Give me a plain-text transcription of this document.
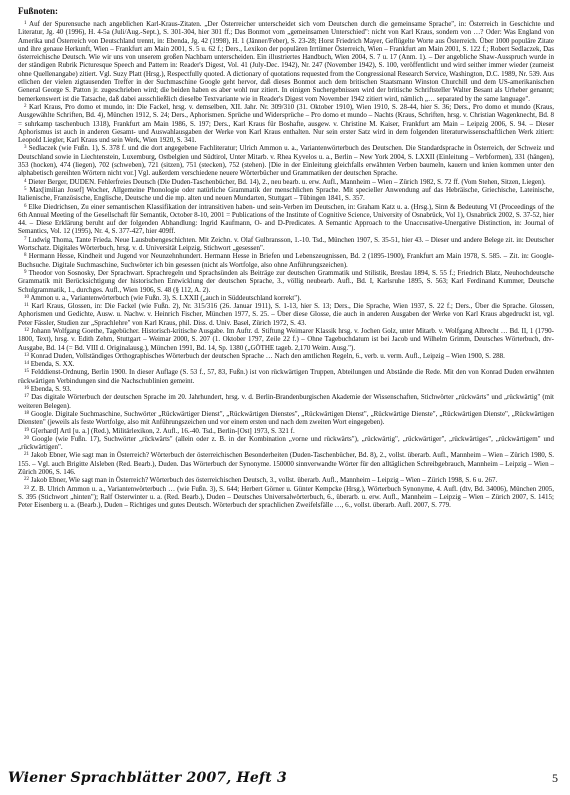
Fußnoten:

$^1$ Auf der Spurensuche nach angeblichen Karl-Kraus-Zitaten. „Der Österreicher unterscheidet sich vom Deutschen durch die gemeinsame Sprache", in: Österreich in Geschichte und Literatur, Jg. 40 (1996), H. 4-5a (Juli/Aug.-Sept.), S. 301-304, hier 301 ff.; Das Bonmot vom „gemeinsamen Unterschied": nicht von Karl Kraus, sondern von …? Oder: Was England von Amerika und Österreich von Deutschland trennt, in: Ebenda, Jg. 42 (1998), H. 1 (Jänner/Feber), S. 23-28; Horst Friedrich Mayer, Geflügelte Worte aus Österreich. Über 1000 populäre Zitate und ihre genaue Herkunft, Wien – Frankfurt am Main 2001, S. 5 u. 62 f.; Ders., Lexikon der populären Irrtümer Österreich, Wien – Frankfurt am Main 2001, S. 122 f.; Robert Sedlaczek, Das österreichische Deutsch. Wie wir uns von unserem großen Nachbarn unterscheiden. Ein illustriertes Handbuch, Wien 2004, S. 7 u. 17 (Anm. 1). – Der angebliche Shaw-Ausspruch wurde in der ständigen Rubrik Picturesque Speech and Pattern in: Reader's Digest, Vol. 41 (July-Dec. 1942), Nr. 247 (November 1942), S. 100, veröffentlicht und wird seither immer wieder (zumeist ohne Quellenangabe) zitiert. Vgl. Suzy Platt (Hrsg.), Respectfully quoted. A dictionary of quotations requested from the Congressional Research Service, Washington, D.C. 1989, Nr. 539. Aus etlichen der vielen zigtausenden Treffer in der Suchmaschine Google geht hervor, daß dieses Bonmot auch dem britischen Staatsmann Winston Churchill und dem US-amerikanischen General George S. Patton jr. zugeschrieben wird; die beiden haben es aber wohl nur zitiert. In einigen Suchergebnissen wird der britische Schriftsteller Walter Besant als Urheber genannt; bemerkenswert ist die Tatsache, daß dabei ausschließlich dieselbe Textvariante wie in Reader's Digest vom November 1942 zitiert wird, nämlich „… separated by the same language".

$^2$ Karl Kraus, Pro domo et mundo, in: Die Fackel, hrsg. v. demselben, XII. Jahr. Nr. 309/310 (31. Oktober 1910), Wien 1910, S. 28-44, hier S. 36; Ders., Pro domo et mundo (Kraus, Ausgewählte Schriften, Bd. 4), München 1912, S. 24; Ders., Aphorismen. Sprüche und Widersprüche – Pro domo et mundo – Nachts (Kraus, Schriften, hrsg. v. Christian Wagenknecht, Bd. 8 = suhrkamp taschenbuch 1318), Frankfurt am Main 1986, S. 197; Ders., Karl Kraus für Boshafte, ausgew. v. Christine M. Kaiser, Frankfurt am Main – Leipzig 2006, S. 94. – Dieser Aphorismus ist auch in anderen Gesamt- und Auswahlausgaben der Werke von Karl Kraus enthalten. Nur sein erster Satz wird in dem folgenden literaturwissenschaftlichen Werk zitiert: Leopold Liegler, Karl Kraus und sein Werk, Wien 1920, S. 341.

$^3$ Sedlaczek (wie Fußn. 1), S. 378 f. und die dort angegebene Fachliteratur; Ulrich Ammon u. a., Variantenwörterbuch des Deutschen. Die Standardsprache in Österreich, der Schweiz und Deutschland sowie in Liechtenstein, Luxemburg, Ostbelgien und Südtirol, Unter Mitarb. v. Rhea Kyvelos u. a., Berlin – New York 2004, S. LXXII (Einleitung – Verbformen), 331 (hängen), 353 (hocken), 474 (liegen), 702 (schweben), 721 (sitzen), 751 (stecken), 752 (stehen). [Die in der Einleitung gleichfalls erwähnten Verben baumeln, kauern und knien kommen unter den alphabetisch gereihten Wörtern nicht vor.] Vgl. außerdem verschiedene neuere Wörterbücher und Grammatiken der deutschen Sprache.

$^4$ Dieter Berger, DUDEN. Fehlerfreies Deutsch (Die Duden-Taschenbücher, Bd. 14), 2., neu bearb. u. erw. Aufl., Mannheim – Wien – Zürich 1982, S. 72 ff. (Vom Stehen, Sitzen, Liegen).

$^5$ Max[imilian Josef] Wocher, Allgemeine Phonologie oder natürliche Grammatik der menschlichen Sprache. Mit specieller Anwendung auf das Hebräische, Griechische, Lateinische, Italienische, Französische, Englische, Deutsche und die mp. alten und neuen Mundarten, Stuttgart – Tübingen 1841, S. 357.

$^6$ Elke Diedrichsen, Zu einer semantischen Klassifikation der intransitiven haben- und sein-Verben im Deutschen, in: Graham Katz u. a. (Hrsg.), Sinn & Bedeutung VI (Proceedings of the 6th Annual Meeting of the Gesellschaft für Semantik, October 8-10, 2001 = Publications of the Institute of Cognitive Science, University of Osnabrück, Vol 1), Osnabrück 2002, S. 37-52, hier 44. – Diese Erklärung beruht auf der folgenden Abhandlung: Ingrid Kaufmann, O- and D-Predicates. A Semantic Approach to the Unaccusative-Unergative Distinction, in: Journal of Semantics, Vol. 12 (1995), Nr. 4, S. 377-427, hier 409ff.

$^7$ Ludwig Thoma, Tante Frieda. Neue Lausbubengeschichten. Mit Zeichn. v. Olaf Gulbransson, 1.-10. Tsd., München 1907, S. 35-51, hier 43. – Dieser und andere Belege zit. in: Deutscher Wortschatz. Digitales Wörterbuch, hrsg. v. d. Universität Leipzig, Stichwort „gesessen".

$^8$ Hermann Hesse, Kindheit und Jugend vor Neunzehnhundert. Hermann Hesse in Briefen und Lebenszeugnissen, Bd. 2 (1895-1900), Frankfurt am Main 1978, S. 585. – Zit. in: Google-Buchsuche. Digitale Suchmaschine, Suchwörter ich bin gesessen (nicht als Wortfolge, also ohne Anführungszeichen).

$^9$ Theodor von Sosnosky, Der Sprachwart. Sprachregeln und Sprachsünden als Beiträge zur deutschen Grammatik und Stilistik, Breslau 1894, S. 55 f.; Friedrich Blatz, Neuhochdeutsche Grammatik mit Berücksichtigung der historischen Entwicklung der deutschen Sprache, 3., völlig neubearb. Aufl., Bd. I, Karlsruhe 1895, S. 563; Karl Ferdinand Kummer, Deutsche Schulgrammatik, 1., durchges. Aufl., Wien 1906, S. 48 (§ 112, A. 2).

$^{10}$ Ammon u. a., Variantenwörterbuch (wie Fußn. 3), S. LXXII („auch in Süddeutschland korrekt").

$^{11}$ Karl Kraus, Glossen, in: Die Fackel (wie Fußn. 2), Nr. 315/316 (26. Januar 1911), S. 1-13, hier S. 13; Ders., Die Sprache, Wien 1937, S. 22 f.; Ders., Über die Sprache. Glossen, Aphorismen und Gedichte, Ausw. u. Nachw. v. Heinrich Fischer, München 1977, S. 25. – Über diese Glosse, die auch in anderen Ausgaben der Werke von Karl Kraus abgedruckt ist, vgl. Peter Fässler, Studien zur „Sprachlehre" von Karl Kraus, phil. Diss. d. Univ. Basel, Zürich 1972, S. 43.

$^{12}$ Johann Wolfgang Goethe, Tagebücher. Historisch-kritische Ausgabe. Im Auftr. d. Stiftung Weimarer Klassik hrsg. v. Jochen Golz, unter Mitarb. v. Wolfgang Albrecht … Bd. II, 1 (1790-1800, Text), hrsg. v. Edith Zehm, Stuttgart – Weimar 2000, S. 207 (1. Oktober 1797, Zeile 22 f.) – Ohne Tagebuchdatum ist bei Jacob und Wilhelm Grimm, Deutsches Wörterbuch, dtv-Ausgabe, Bd. 14 (= Bd. VIII d. Originalausg.), München 1991, Bd. 14, Sp. 1380 („GÖTHE tageb. 2,170 Weim. Ausg.").

$^{13}$ Konrad Duden, Vollständiges Orthographisches Wörterbuch der deutschen Sprache … Nach den amtlichen Regeln, 6., verb. u. verm. Aufl., Leipzig – Wien 1900, S. 288.

$^{14}$ Ebenda, S. XX.

$^{15}$ Felddienst-Ordnung, Berlin 1900. In dieser Auflage (S. 53 f., 57, 83, Fußn.) ist von rückwärtigen Truppen, Abteilungen und Abstände die Rede. Mit den von Konrad Duden erwähnten rückwärtigen Verbindungen sind die Nachschublinien gemeint.

$^{16}$ Ebenda, S. 93.

$^{17}$ Das digitale Wörterbuch der deutschen Sprache im 20. Jahrhundert, hrsg. v. d. Berlin-Brandenburgischen Akademie der Wissenschaften, Stichwörter „rückwärts" und „rückwärtig" (mit weiteren Belegen).

$^{18}$ Google. Digitale Suchmaschine, Suchwörter „Rückwärtiger Dienst", „Rückwärtigen Dienstes", „Rückwärtigen Dienst", „Rückwärtige Dienste", „Rückwärtigen Dienste", „Rückwärtigen Diensten" (jeweils als feste Wortfolge, also mit Anführungszeichen und vor einem ersten und nach dem zweiten Wort eingegeben).

$^{19}$ G[erhard] Artl [u. a.] (Red.), Militärlexikon, 2. Aufl., 16.-40. Tsd., Berlin-[Ost] 1973, S. 321 f.

$^{20}$ Google (wie Fußn. 17), Suchwörter „rückwärts" (allein oder z. B. in der Kombination „vorne und rückwärts"), „rückwärtig", „rückwärtiger", „rückwärtiges", „rückwärtigem" und „rückwärtigen".

$^{21}$ Jakob Ebner, Wie sagt man in Österreich? Wörterbuch der österreichischen Besonderheiten (Duden-Taschenbücher, Bd. 8), 2., vollst. überarb. Aufl., Mannheim – Wien – Zürich 1980, S. 155. – Vgl. auch Brigitte Alsleben (Red. Bearb.), Duden. Das Wörterbuch der Synonyme. 150000 sinnverwandte Wörter für den alltäglichen Schreibgebrauch, Mannheim – Leipzig – Wien – Zürich 2006, S. 146.

$^{22}$ Jakob Ebner, Wie sagt man in Österreich? Wörterbuch des österreichischen Deutsch, 3., vollst. überarb. Aufl., Mannheim – Leipzig – Wien – Zürich 1998, S. 6 u. 267.

$^{23}$ Z. B. Ulrich Ammon u. a., Variantenwörterbuch … (wie Fußn. 3), S. 644; Herbert Görner u. Günter Kempcke (Hrsg.), Wörterbuch Synonyme, 4. Aufl. (dtv, Bd. 34006), München 2005, S. 395 (Stichwort „hinten"); Ralf Osterwinter u. a. (Red. Bearb.), Duden – Deutsches Universalwörterbuch, 6., überarb. u. erw. Aufl., Mannheim – Leipzig – Wien – Zürich 2007, S. 1415; Peter Eisenberg u. a. (Bearb.), Duden – Richtiges und gutes Deutsch. Wörterbuch der sprachlichen Zweifelsfälle …, 6., vollst. überarb. Aufl. 2007, S. 779.

Wiener Sprachblätter 2007, Heft 3	5
